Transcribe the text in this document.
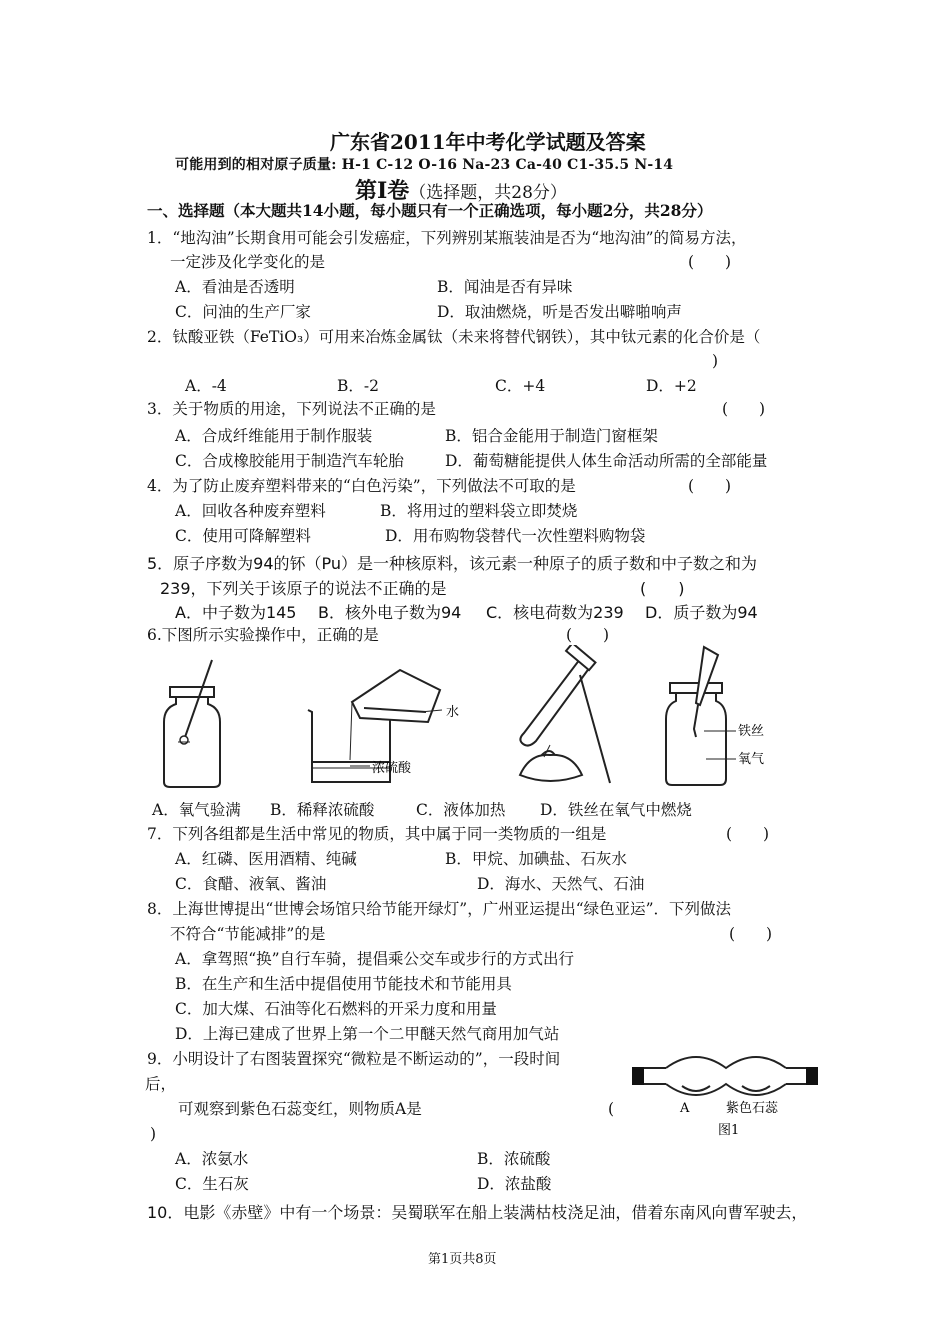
广东省2011年中考化学试题及答案
可能用到的相对原子质量: H-1 C-12 O-16 Na-23 Ca-40 C1-35.5 N-14
第Ⅰ卷（选择题，共28分）
一、选择题（本大题共14小题，每小题只有一个正确选项，每小题2分，共28分）
1．“地沟油”长期食用可能会引发癌症，下列辨别某瓶装油是否为“地沟油”的简易方法，
一定涉及化学变化的是	(　　)
A．看油是否透明	B．闻油是否有异味
C．问油的生产厂家	D．取油燃烧，听是否发出噼啪响声
2．钛酸亚铁（FeTiO₃）可用来冶炼金属钛（未来将替代钢铁），其中钛元素的化合价是（
)
A．-4	B．-2	C．+4	D．+2
3．关于物质的用途，下列说法不正确的是	(　　)
A．合成纤维能用于制作服装	B．铝合金能用于制造门窗框架
C．合成橡胶能用于制造汽车轮胎	D．葡萄糖能提供人体生命活动所需的全部能量
4．为了防止废弃塑料带来的“白色污染”，下列做法不可取的是	(　　)
A．回收各种废弃塑料	B．将用过的塑料袋立即焚烧
C．使用可降解塑料	D．用布购物袋替代一次性塑料购物袋
5．原子序数为94的钚（Pu）是一种核原料，该元素一种原子的质子数和中子数之和为
239，下列关于该原子的说法不正确的是	(　　)
A．中子数为145 B．核外电子数为94 C．核电荷数为239 D．质子数为94
6.下图所示实验操作中，正确的是	(　　)
水
浓硫酸
铁丝
氧气
A．氧气验满 B．稀释浓硫酸	C．液体加热 D．铁丝在氧气中燃烧
7．下列各组都是生活中常见的物质，其中属于同一类物质的一组是	(　　)
A．红磷、医用酒精、纯碱	B．甲烷、加碘盐、石灰水
C．食醋、液氧、酱油	D．海水、天然气、石油
8．上海世博提出“世博会场馆只给节能开绿灯”，广州亚运提出“绿色亚运”．下列做法
不符合“节能减排”的是	(　　)
A．拿驾照“换”自行车骑，提倡乘公交车或步行的方式出行
B．在生产和生活中提倡使用节能技术和节能用具
C．加大煤、石油等化石燃料的开采力度和用量
D．上海已建成了世界上第一个二甲醚天然气商用加气站
9．小明设计了右图装置探究“微粒是不断运动的”，一段时间
后，
可观察到紫色石蕊变红，则物质A是	(
)
A	紫色石蕊
图1
A．浓氨水	B．浓硫酸
C．生石灰	D．浓盐酸
10．电影《赤壁》中有一个场景：吴蜀联军在船上装满枯枝浇足油，借着东南风向曹军驶去，
第1页共8页
